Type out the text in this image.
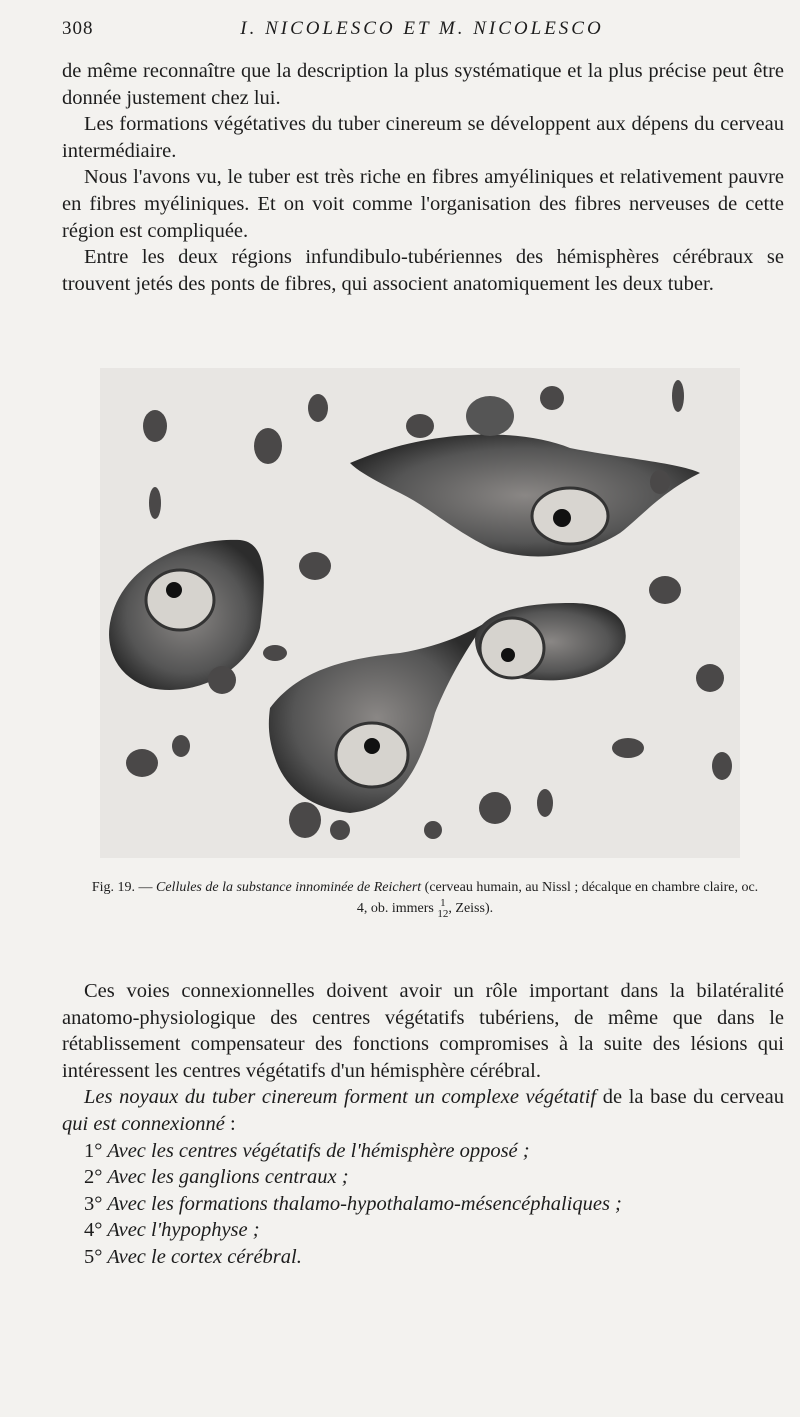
308	I. NICOLESCO ET M. NICOLESCO

de même reconnaître que la description la plus systématique et la plus précise peut être donnée justement chez lui.

Les formations végétatives du tuber cinereum se développent aux dépens du cerveau intermédiaire.

Nous l'avons vu, le tuber est très riche en fibres amyéliniques et relativement pauvre en fibres myéliniques. Et on voit comme l'organisation des fibres nerveuses de cette région est compliquée.

Entre les deux régions infundibulo-tubériennes des hémisphères cérébraux se trouvent jetés des ponts de fibres, qui associent anatomiquement les deux tuber.

Fig. 19. — Cellules de la substance innominée de Reichert (cerveau humain, au Nissl ; décalque en chambre claire, oc. 4, ob. immers 1
12 , Zeiss).

Ces voies connexionnelles doivent avoir un rôle important dans la bilatéralité anatomo-physiologique des centres végétatifs tubériens, de même que dans le rétablissement compensateur des fonctions compromises à la suite des lésions qui intéressent les centres végétatifs d'un hémisphère cérébral.

Les noyaux du tuber cinereum forment un complexe végétatif de la base du cerveau qui est connexionné :

1° Avec les centres végétatifs de l'hémisphère opposé ;

2° Avec les ganglions centraux ;

3° Avec les formations thalamo-hypothalamo-mésencéphaliques ;

4° Avec l'hypophyse ;

5° Avec le cortex cérébral.
